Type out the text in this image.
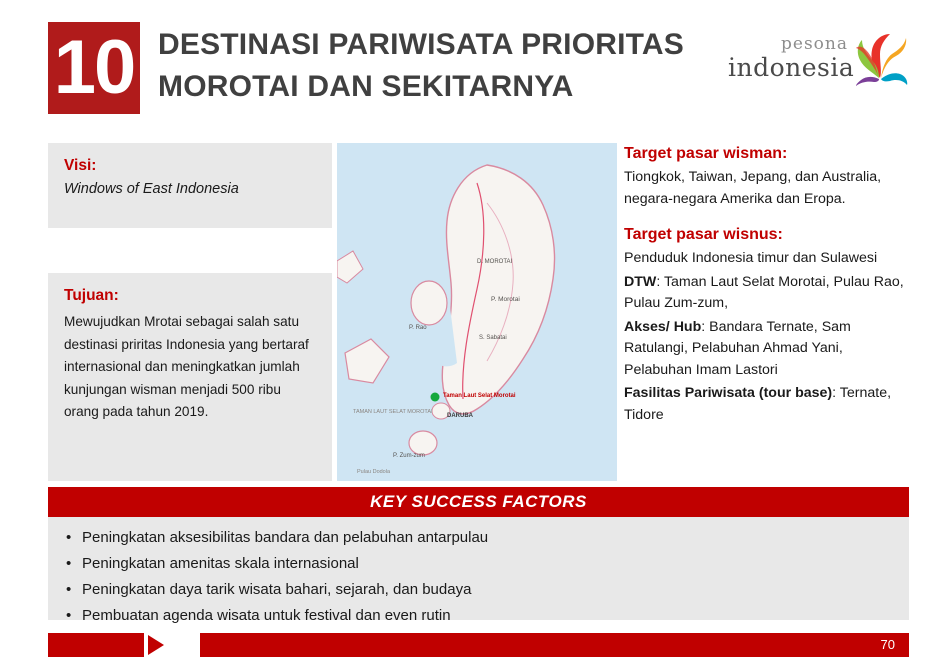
10 DESTINASI PARIWISATA PRIORITAS
MOROTAI DAN SEKITARNYA
pesona
indonesia
Visi:
Windows of East Indonesia
Tujuan:
Mewujudkan Mrotai sebagai salah satu destinasi priritas Indonesia yang bertaraf internasional dan meningkatkan jumlah kunjungan wisman menjadi 500 ribu orang pada tahun 2019.
P. Morotai
P. Rao
P. Zum-zum
D. MOROTAI
S. Sabatai
TAMAN LAUT SELAT MOROTAI
Taman Laut Selat Morotai
DARUBA
Pulau Dodola
Target pasar wisman:
Tiongkok, Taiwan, Jepang, dan Australia, negara-negara Amerika dan Eropa.
Target pasar wisnus:
Penduduk Indonesia timur dan Sulawesi
DTW: Taman Laut Selat Morotai, Pulau Rao, Pulau Zum-zum,
Akses/ Hub: Bandara Ternate, Sam Ratulangi, Pelabuhan Ahmad Yani, Pelabuhan Imam Lastori
Fasilitas Pariwisata (tour base): Ternate, Tidore
KEY SUCCESS FACTORS
• Peningkatan aksesibilitas bandara dan pelabuhan antarpulau
• Peningkatan amenitas skala internasional
• Peningkatan daya tarik wisata bahari, sejarah, dan budaya
• Pembuatan agenda wisata untuk festival dan even rutin
70
